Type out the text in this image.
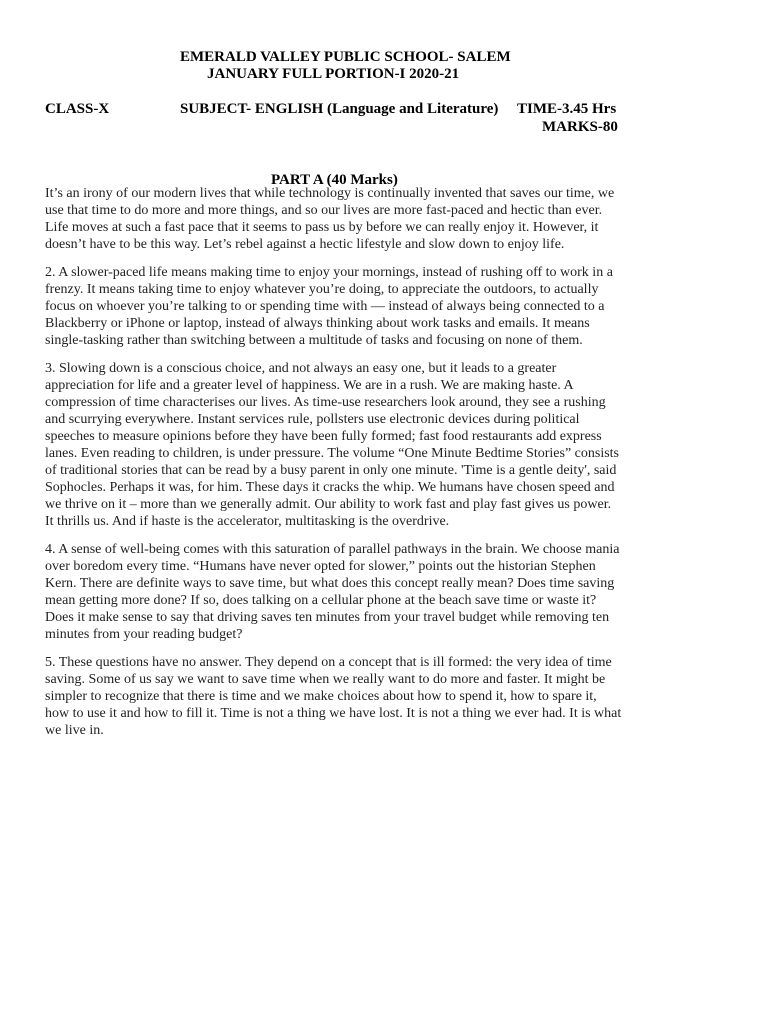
EMERALD VALLEY PUBLIC SCHOOL- SALEM
JANUARY FULL PORTION-I 2020-21
CLASS-X	SUBJECT- ENGLISH (Language and Literature) TIME-3.45 Hrs
MARKS-80
PART A (40 Marks)

It’s an irony of our modern lives that while technology is continually invented that saves our time, we use that time to do more and more things, and so our lives are more fast-paced and hectic than ever. Life moves at such a fast pace that it seems to pass us by before we can really enjoy it. However, it doesn’t have to be this way. Let’s rebel against a hectic lifestyle and slow down to enjoy life.

2. A slower-paced life means making time to enjoy your mornings, instead of rushing off to work in a frenzy. It means taking time to enjoy whatever you’re doing, to appreciate the outdoors, to actually focus on whoever you’re talking to or spending time with — instead of always being connected to a Blackberry or iPhone or laptop, instead of always thinking about work tasks and emails. It means single-tasking rather than switching between a multitude of tasks and focusing on none of them.

3. Slowing down is a conscious choice, and not always an easy one, but it leads to a greater appreciation for life and a greater level of happiness. We are in a rush. We are making haste. A compression of time characterises our lives. As time-use researchers look around, they see a rushing and scurrying everywhere. Instant services rule, pollsters use electronic devices during political speeches to measure opinions before they have been fully formed; fast food restaurants add express lanes. Even reading to children, is under pressure. The volume “One Minute Bedtime Stories” consists of traditional stories that can be read by a busy parent in only one minute. 'Time is a gentle deity', said Sophocles. Perhaps it was, for him. These days it cracks the whip. We humans have chosen speed and we thrive on it – more than we generally admit. Our ability to work fast and play fast gives us power. It thrills us. And if haste is the accelerator, multitasking is the overdrive.

4. A sense of well-being comes with this saturation of parallel pathways in the brain. We choose mania over boredom every time. “Humans have never opted for slower,” points out the historian Stephen Kern. There are definite ways to save time, but what does this concept really mean? Does time saving mean getting more done? If so, does talking on a cellular phone at the beach save time or waste it? Does it make sense to say that driving saves ten minutes from your travel budget while removing ten minutes from your reading budget?

5. These questions have no answer. They depend on a concept that is ill formed: the very idea of time saving. Some of us say we want to save time when we really want to do more and faster. It might be simpler to recognize that there is time and we make choices about how to spend it, how to spare it, how to use it and how to fill it. Time is not a thing we have lost. It is not a thing we ever had. It is what we live in.
